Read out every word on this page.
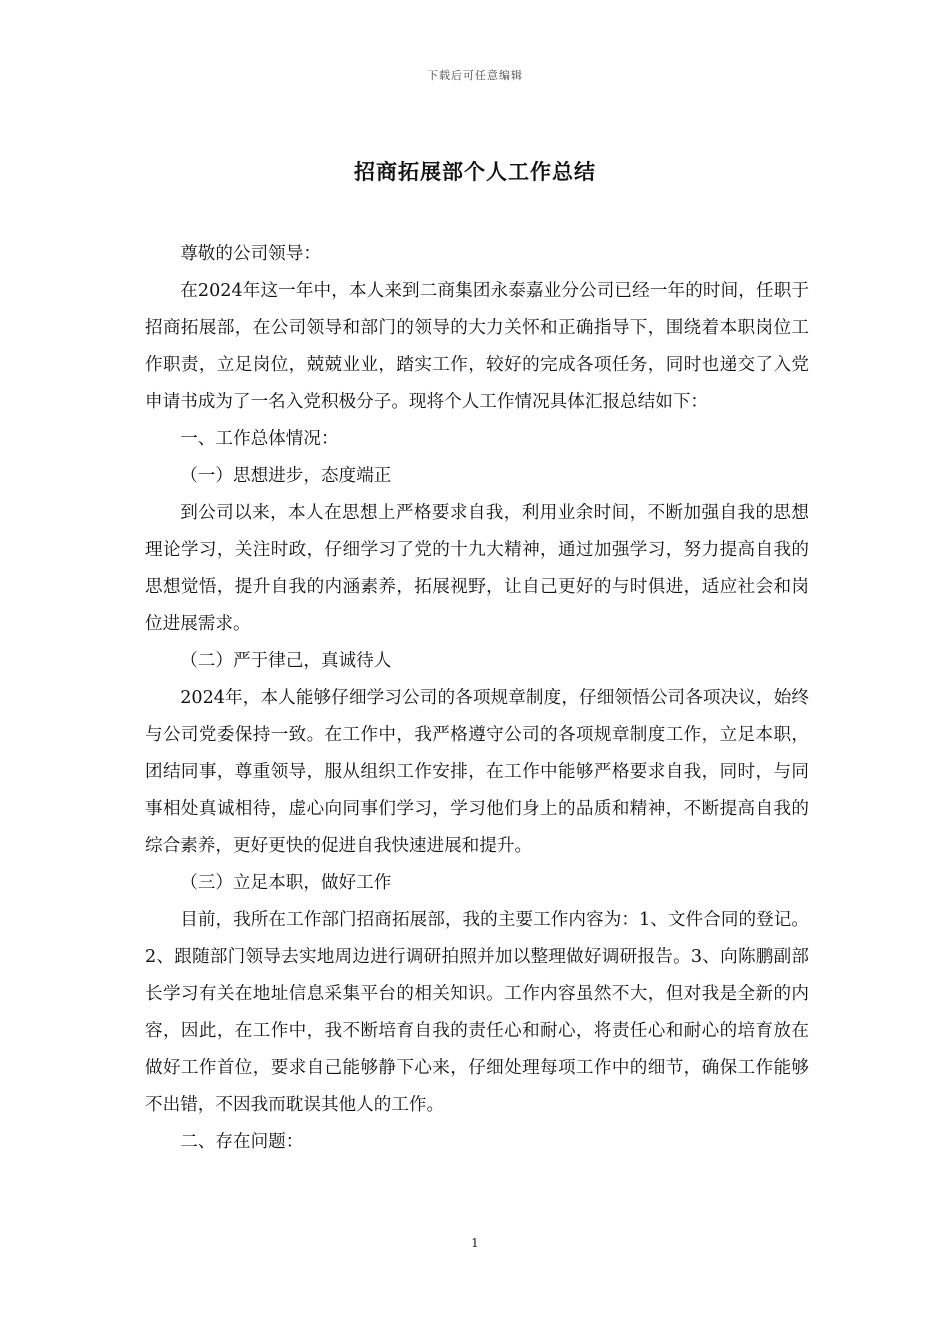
下载后可任意编辑
招商拓展部个人工作总结

尊敬的公司领导：

在2024年这一年中，本人来到二商集团永泰嘉业分公司已经一年的时间，任职于招商拓展部，在公司领导和部门的领导的大力关怀和正确指导下，围绕着本职岗位工作职责，立足岗位，兢兢业业，踏实工作，较好的完成各项任务，同时也递交了入党申请书成为了一名入党积极分子。现将个人工作情况具体汇报总结如下：

一、工作总体情况：

（一）思想进步，态度端正

到公司以来，本人在思想上严格要求自我，利用业余时间，不断加强自我的思想理论学习，关注时政，仔细学习了党的十九大精神，通过加强学习，努力提高自我的思想觉悟，提升自我的内涵素养，拓展视野，让自己更好的与时俱进，适应社会和岗位进展需求。

（二）严于律己，真诚待人

2024年，本人能够仔细学习公司的各项规章制度，仔细领悟公司各项决议，始终与公司党委保持一致。在工作中，我严格遵守公司的各项规章制度工作，立足本职，团结同事，尊重领导，服从组织工作安排，在工作中能够严格要求自我，同时，与同事相处真诚相待，虚心向同事们学习，学习他们身上的品质和精神，不断提高自我的综合素养，更好更快的促进自我快速进展和提升。

（三）立足本职，做好工作

目前，我所在工作部门招商拓展部，我的主要工作内容为：1、文件合同的登记。2、跟随部门领导去实地周边进行调研拍照并加以整理做好调研报告。3、向陈鹏副部长学习有关在地址信息采集平台的相关知识。工作内容虽然不大，但对我是全新的内容，因此，在工作中，我不断培育自我的责任心和耐心，将责任心和耐心的培育放在做好工作首位，要求自己能够静下心来，仔细处理每项工作中的细节，确保工作能够不出错，不因我而耽误其他人的工作。

二、存在问题：

1
